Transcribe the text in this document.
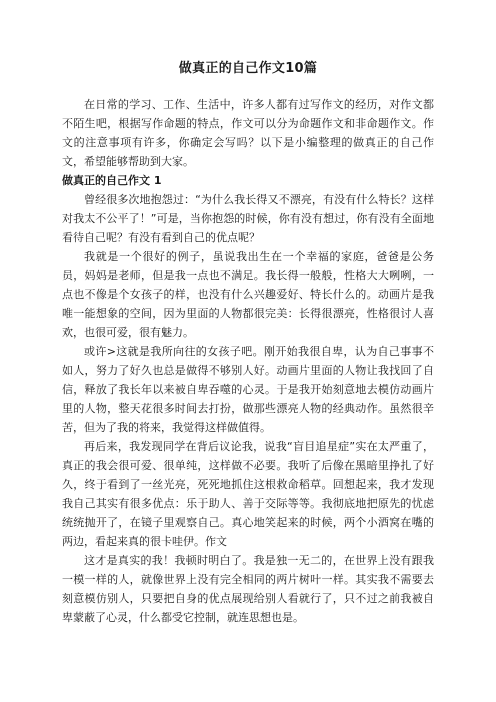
做真正的自己作文10篇

在日常的学习、工作、生活中，许多人都有过写作文的经历，对作文都不陌生吧，根据写作命题的特点，作文可以分为命题作文和非命题作文。作文的注意事项有许多，你确定会写吗？以下是小编整理的做真正的自己作文，希望能够帮助到大家。

做真正的自己作文 1

曾经很多次地抱怨过：“为什么我长得又不漂亮，有没有什么特长？这样对我太不公平了！”可是，当你抱怨的时候，你有没有想过，你有没有全面地看待自己呢？有没有看到自己的优点呢？

我就是一个很好的例子，虽说我出生在一个幸福的家庭，爸爸是公务员，妈妈是老师，但是我一点也不满足。我长得一般般，性格大大咧咧，一点也不像是个女孩子的样，也没有什么兴趣爱好、特长什么的。动画片是我唯一能想象的空间，因为里面的人物都很完美：长得很漂亮，性格很讨人喜欢，也很可爱，很有魅力。

或许>这就是我所向往的女孩子吧。刚开始我很自卑，认为自己事事不如人，努力了好久也总是做得不够别人好。动画片里面的人物让我找回了自信，释放了我长年以来被自卑吞噬的心灵。于是我开始刻意地去模仿动画片里的人物，整天花很多时间去打扮，做那些漂亮人物的经典动作。虽然很辛苦，但为了我的将来，我觉得这样做值得。

再后来，我发现同学在背后议论我，说我“盲目追星症”实在太严重了，真正的我会很可爱、很单纯，这样做不必要。我听了后像在黑暗里挣扎了好久，终于看到了一丝光亮，死死地抓住这根救命稻草。回想起来，我才发现我自己其实有很多优点：乐于助人、善于交际等等。我彻底地把原先的忧虑统统抛开了，在镜子里观察自己。真心地笑起来的时候，两个小酒窝在嘴的两边，看起来真的很卡哇伊。作文

这才是真实的我！我顿时明白了。我是独一无二的，在世界上没有跟我一模一样的人，就像世界上没有完全相同的两片树叶一样。其实我不需要去刻意模仿别人，只要把自身的优点展现给别人看就行了，只不过之前我被自卑蒙蔽了心灵，什么都受它控制，就连思想也是。
